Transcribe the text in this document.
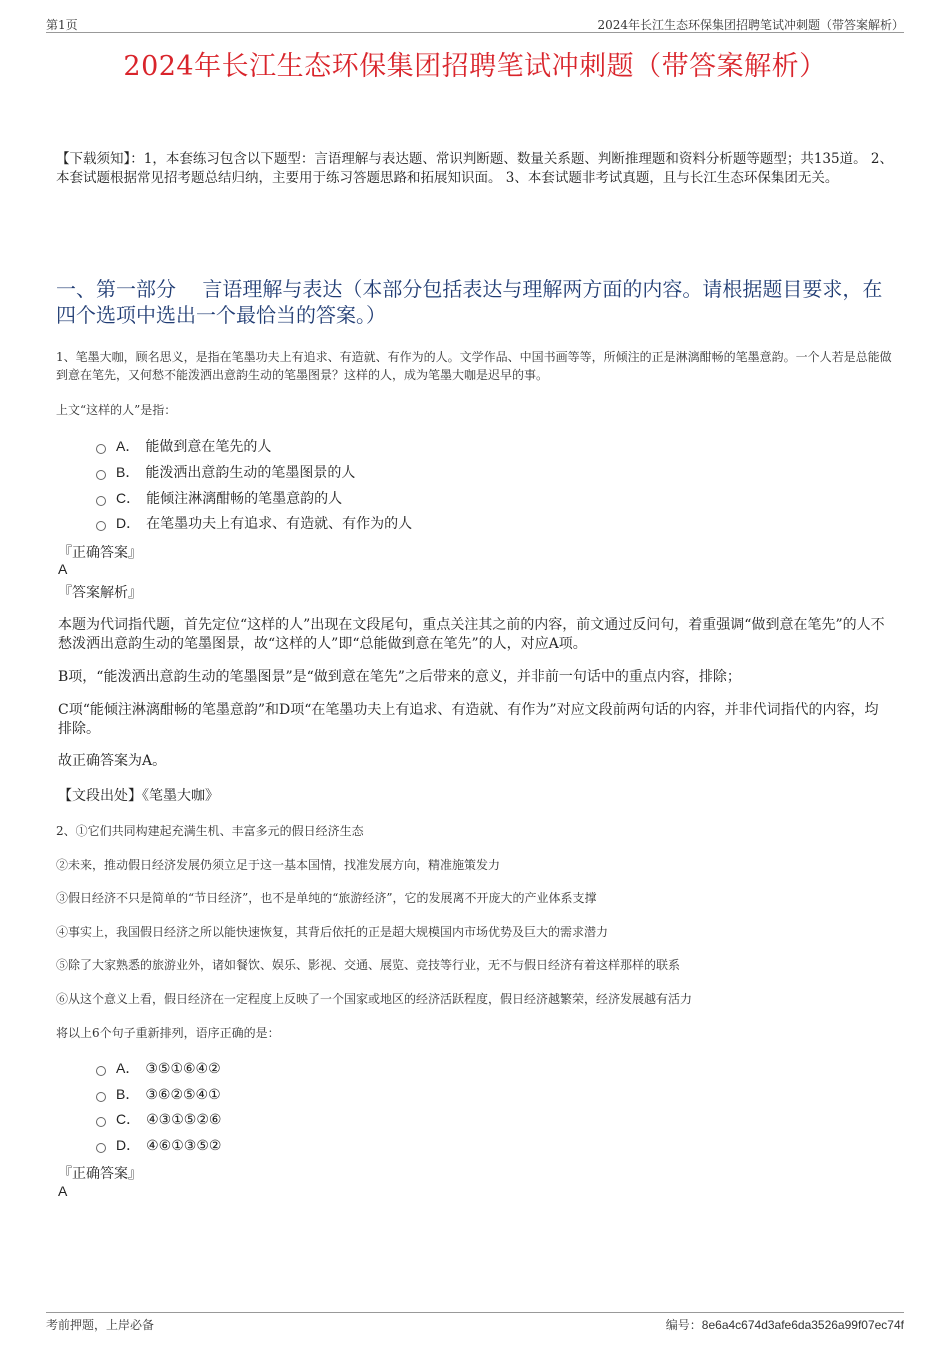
第1页	2024年长江生态环保集团招聘笔试冲刺题（带答案解析）
2024年长江生态环保集团招聘笔试冲刺题（带答案解析）
【下载须知】：1，本套练习包含以下题型：言语理解与表达题、常识判断题、数量关系题、判断推理题和资料分析题等题型；共135道。 2、本套试题根据常见招考题总结归纳，主要用于练习答题思路和拓展知识面。 3、本套试题非考试真题，且与长江生态环保集团无关。
一、第一部分　 言语理解与表达（本部分包括表达与理解两方面的内容。请根据题目要求，在四个选项中选出一个最恰当的答案。）
1、笔墨大咖，顾名思义，是指在笔墨功夫上有追求、有造就、有作为的人。文学作品、中国书画等等，所倾注的正是淋漓酣畅的笔墨意韵。一个人若是总能做到意在笔先，又何愁不能泼洒出意韵生动的笔墨图景？这样的人，成为笔墨大咖是迟早的事。
上文“这样的人”是指：
A． 能做到意在笔先的人
B． 能泼洒出意韵生动的笔墨图景的人
C． 能倾注淋漓酣畅的笔墨意韵的人
D． 在笔墨功夫上有追求、有造就、有作为的人
『正确答案』
A
『答案解析』
本题为代词指代题，首先定位“这样的人”出现在文段尾句，重点关注其之前的内容，前文通过反问句，着重强调“做到意在笔先”的人不愁泼洒出意韵生动的笔墨图景，故“这样的人”即“总能做到意在笔先”的人，对应A项。
B项，“能泼洒出意韵生动的笔墨图景”是“做到意在笔先”之后带来的意义，并非前一句话中的重点内容，排除；
C项“能倾注淋漓酣畅的笔墨意韵”和D项“在笔墨功夫上有追求、有造就、有作为”对应文段前两句话的内容，并非代词指代的内容，均排除。
故正确答案为A。
【文段出处】《笔墨大咖》
2、①它们共同构建起充满生机、丰富多元的假日经济生态
②未来，推动假日经济发展仍须立足于这一基本国情，找准发展方向，精准施策发力
③假日经济不只是简单的“节日经济”，也不是单纯的“旅游经济”，它的发展离不开庞大的产业体系支撑
④事实上，我国假日经济之所以能快速恢复，其背后依托的正是超大规模国内市场优势及巨大的需求潜力
⑤除了大家熟悉的旅游业外，诸如餐饮、娱乐、影视、交通、展览、竞技等行业，无不与假日经济有着这样那样的联系
⑥从这个意义上看，假日经济在一定程度上反映了一个国家或地区的经济活跃程度，假日经济越繁荣，经济发展越有活力
将以上6个句子重新排列，语序正确的是：
A． ③⑤①⑥④②
B． ③⑥②⑤④①
C． ④③①⑤②⑥
D． ④⑥①③⑤②
『正确答案』
A
考前押题，上岸必备	编号：8e6a4c674d3afe6da3526a99f07ec74f
